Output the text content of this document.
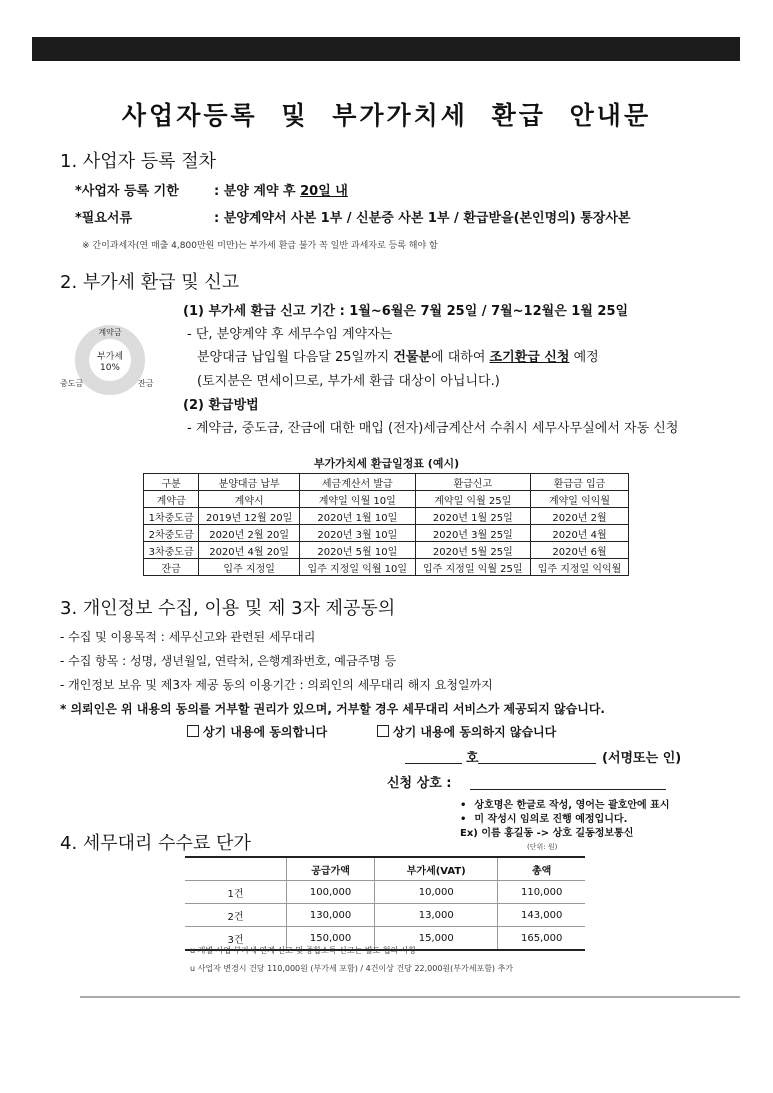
사업자등록 및 부가가치세 환급 안내문
1. 사업자 등록 절차
*사업자 등록 기한	: 분양 계약 후 20일 내
*필요서류	: 분양계약서 사본 1부 / 신분증 사본 1부 / 환급받을(본인명의) 통장사본
※ 간이과세자(연 매출 4,800만원 미만)는 부가세 환급 불가 꼭 일반 과세자로 등록 해야 함
2. 부가세 환급 및 신고
계약금
부가세 10%
중도금	잔금
(1) 부가세 환급 신고 기간 : 1월~6월은 7월 25일 / 7월~12월은 1월 25일
- 단, 분양계약 후 세무수임 계약자는
분양대금 납입월 다음달 25일까지 건물분에 대하여 조기환급 신청 예정
(토지분은 면세이므로, 부가세 환급 대상이 아닙니다.)
(2) 환급방법
- 계약금, 중도금, 잔금에 대한 매입 (전자)세금계산서 수취시 세무사무실에서 자동 신청
부가가치세 환급일정표 (예시)
구분	분양대금 납부	세금계산서 발급	환급신고	환급금 입금
계약금	계약시	계약일 익월 10일	계약일 익월 25일	계약일 익익월
1차중도금	2019년 12월 20일	2020년 1월 10일	2020년 1월 25일	2020년 2월
2차중도금	2020년 2월 20일	2020년 3월 10일	2020년 3월 25일	2020년 4월
3차중도금	2020년 4월 20일	2020년 5월 10일	2020년 5월 25일	2020년 6월
잔금	입주 지정일	입주 지정일 익월 10일	입주 지정일 익월 25일	입주 지정일 익익월
3. 개인정보 수집, 이용 및 제 3자 제공동의
- 수집 및 이용목적 : 세무신고와 관련된 세무대리
- 수집 항목 : 성명, 생년월일, 연락처, 은행계좌번호, 예금주명 등
- 개인정보 보유 및 제3자 제공 동의 이용기간 : 의뢰인의 세무대리 해지 요청일까지
* 의뢰인은 위 내용의 동의를 거부할 권리가 있으며, 거부할 경우 세무대리 서비스가 제공되지 않습니다.
상기 내용에 동의합니다	상기 내용에 동의하지 않습니다
호	(서명또는 인)
신청 상호 :
• 상호명은 한글로 작성, 영어는 괄호안에 표시
• 미 작성시 임의로 진행 예정입니다.
Ex) 이름 홍길동 -> 상호 길동정보통신
4. 세무대리 수수료 단가	(단위: 원)
	공급가액	부가세(VAT)	총액
1건	100,000	10,000	110,000
2건	130,000	13,000	143,000
3건	150,000	15,000	165,000
u 개별 사업 부가세 연계 신고 및 종합소득 신고는 별도 협의 사항
u 사업자 변경시 건당 110,000원 (부가세 포함) / 4건이상 건당 22,000원(부가세포함) 추가
